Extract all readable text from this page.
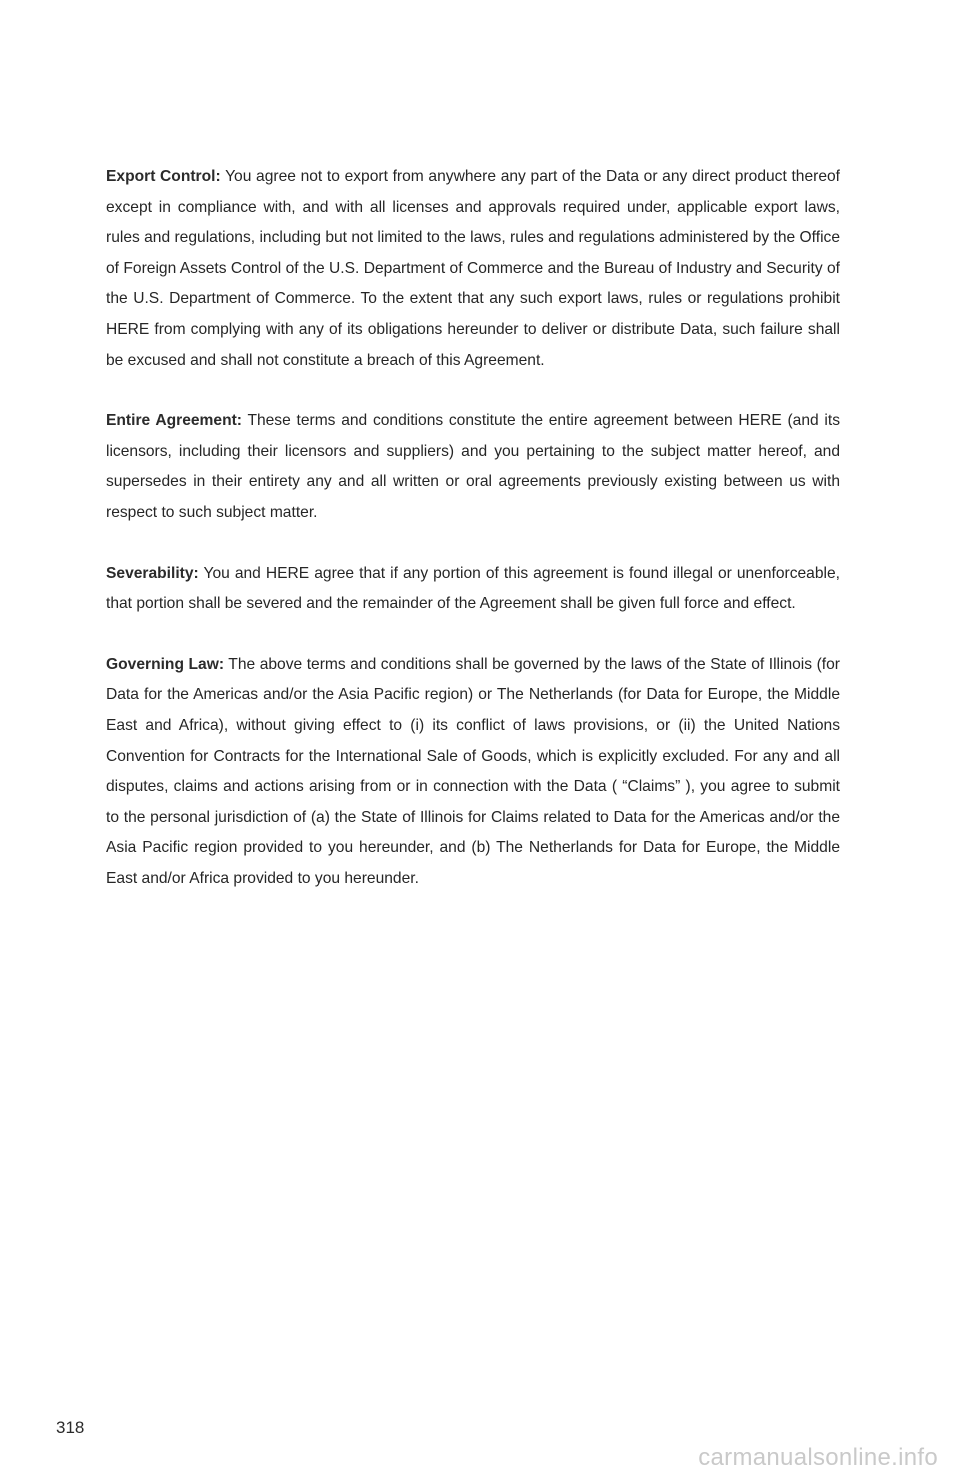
Export Control: You agree not to export from anywhere any part of the Data or any direct product thereof except in compliance with, and with all licenses and approvals required under, applicable export laws, rules and regulations, including but not limited to the laws, rules and regulations administered by the Office of Foreign Assets Control of the U.S. Department of Commerce and the Bureau of Industry and Security of the U.S. Department of Commerce. To the extent that any such export laws, rules or regulations prohibit HERE from complying with any of its obligations hereunder to deliver or distribute Data, such failure shall be excused and shall not constitute a breach of this Agreement.

Entire Agreement: These terms and conditions constitute the entire agreement between HERE (and its licensors, including their licensors and suppliers) and you pertaining to the subject matter hereof, and supersedes in their entirety any and all written or oral agreements previously existing between us with respect to such subject matter.

Severability: You and HERE agree that if any portion of this agreement is found illegal or unenforceable, that portion shall be severed and the remainder of the Agreement shall be given full force and effect.

Governing Law: The above terms and conditions shall be governed by the laws of the State of Illinois (for Data for the Americas and/or the Asia Pacific region) or The Netherlands (for Data for Europe, the Middle East and Africa), without giving effect to (i) its conflict of laws provisions, or (ii) the United Nations Convention for Contracts for the International Sale of Goods, which is explicitly excluded. For any and all disputes, claims and actions arising from or in connection with the Data ( “Claims” ), you agree to submit to the personal jurisdiction of (a) the State of Illinois for Claims related to Data for the Americas and/or the Asia Pacific region provided to you hereunder, and (b) The Netherlands for Data for Europe, the Middle East and/or Africa provided to you hereunder.

318
carmanualsonline.info
